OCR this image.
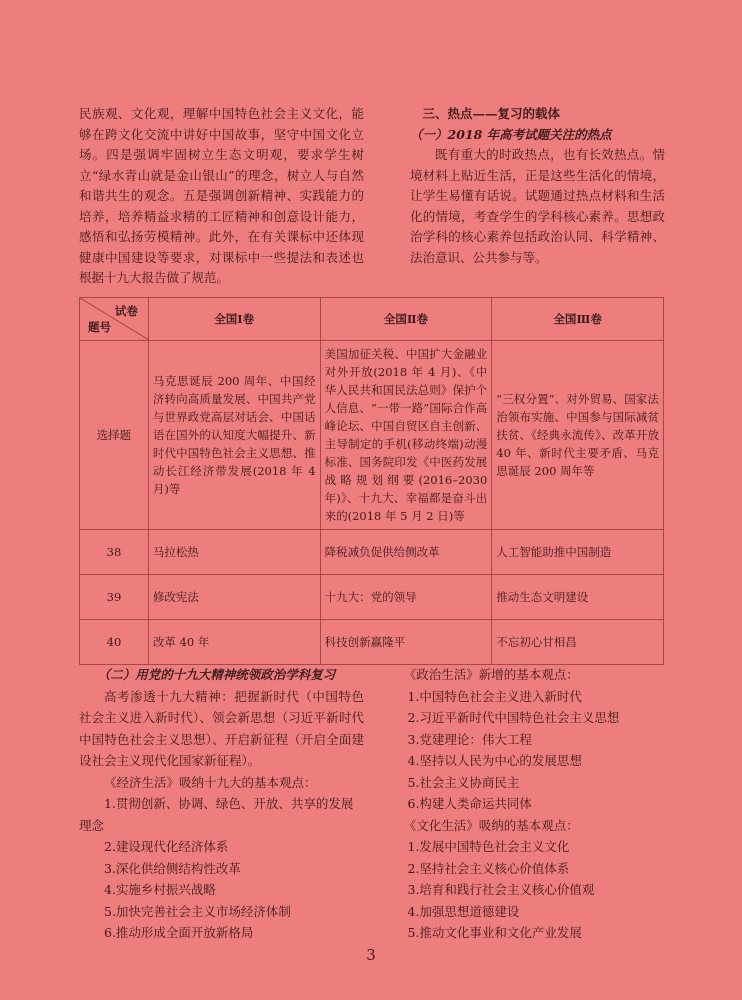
民族观、文化观，理解中国特色社会主义文化，能够在跨文化交流中讲好中国故事，坚守中国文化立场。四是强调牢固树立生态文明观，要求学生树立“绿水青山就是金山银山”的理念，树立人与自然和谐共生的观念。五是强调创新精神、实践能力的培养，培养精益求精的工匠精神和创意设计能力，感悟和弘扬劳模精神。此外，在有关课标中还体现健康中国建设等要求，对课标中一些提法和表述也根据十九大报告做了规范。

三、热点——复习的载体

（一）2018 年高考试题关注的热点

既有重大的时政热点，也有长效热点。情境材料上贴近生活，正是这些生活化的情境，让学生易懂有话说。试题通过热点材料和生活化的情境，考查学生的学科核心素养。思想政治学科的核心素养包括政治认同、科学精神、法治意识、公共参与等。

试卷
题号	全国Ⅰ卷	全国Ⅱ卷	全国Ⅲ卷
选择题	马克思诞辰 200 周年、中国经济转向高质量发展、中国共产党与世界政党高层对话会、中国话语在国外的认知度大幅提升、新时代中国特色社会主义思想、推动长江经济带发展(2018 年 4 月)等	美国加征关税、中国扩大金融业对外开放(2018 年 4 月)、《中华人民共和国民法总则》保护个人信息、“一带一路”国际合作高峰论坛、中国自贸区自主创新、主导制定的手机(移动终端)动漫标准、国务院印发《中医药发展战略规划纲要(2016–2030 年)》、十九大、幸福都是奋斗出来的(2018 年 5 月 2 日)等	“三权分置”、对外贸易、国家法治领布实施、中国参与国际减贫扶贫、《经典永流传》、改革开放 40 年、新时代主要矛盾、马克思诞辰 200 周年等
38	马拉松热	降税减负促供给侧改革	人工智能助推中国制造
39	修改宪法	十九大：党的领导	推动生态文明建设
40	改革 40 年	科技创新赢隆平	不忘初心甘相昌

（二）用党的十九大精神统领政治学科复习

高考渗透十九大精神：把握新时代（中国特色社会主义进入新时代）、领会新思想（习近平新时代中国特色社会主义思想）、开启新征程（开启全面建设社会主义现代化国家新征程）。

《经济生活》吸纳十九大的基本观点：

1.贯彻创新、协调、绿色、开放、共享的发展理念

2.建设现代化经济体系

3.深化供给侧结构性改革

4.实施乡村振兴战略

5.加快完善社会主义市场经济体制

6.推动形成全面开放新格局

《政治生活》新增的基本观点：

1.中国特色社会主义进入新时代

2.习近平新时代中国特色社会主义思想

3.党建理论：伟大工程

4.坚持以人民为中心的发展思想

5.社会主义协商民主

6.构建人类命运共同体

《文化生活》吸纳的基本观点：

1.发展中国特色社会主义文化

2.坚持社会主义核心价值体系

3.培育和践行社会主义核心价值观

4.加强思想道德建设

5.推动文化事业和文化产业发展

3
